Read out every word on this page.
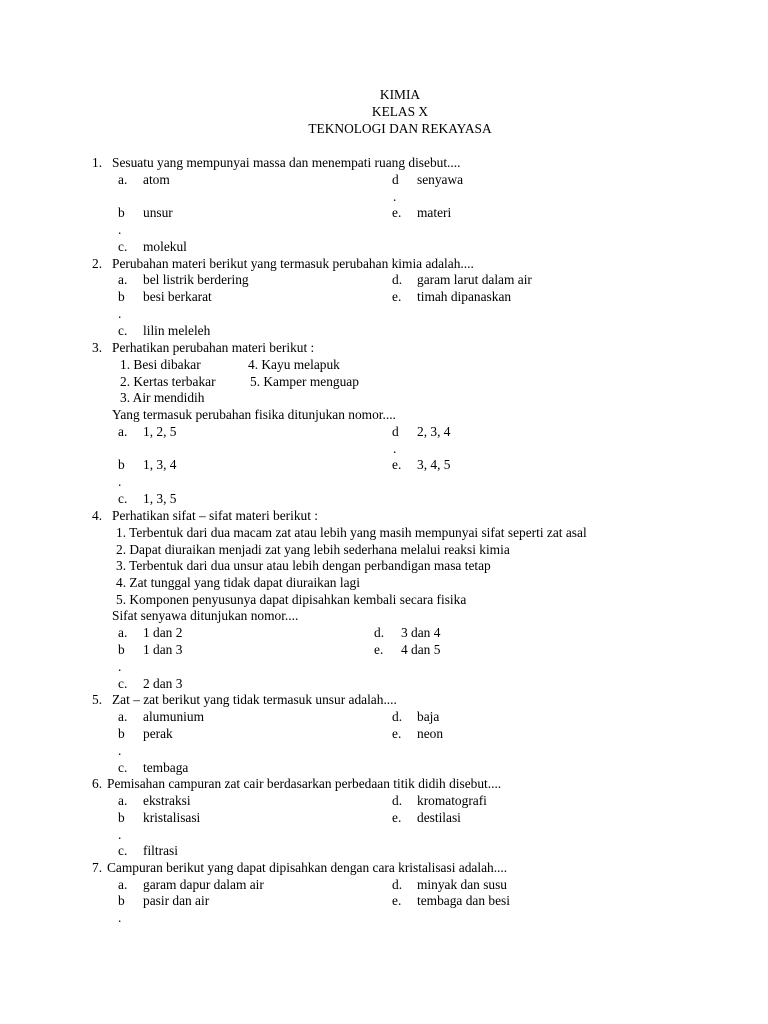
KIMIA
KELAS X
TEKNOLOGI DAN REKAYASA
1. Sesuatu yang mempunyai massa dan menempati ruang disebut....
a. atom	d senyawa
.
b unsur	e. materi
.
c. molekul
2. Perubahan materi berikut yang termasuk perubahan kimia adalah....
a. bel listrik berdering	d. garam larut dalam air
b besi berkarat	e. timah dipanaskan
.
c. lilin meleleh
3. Perhatikan perubahan materi berikut :
1. Besi dibakar	4. Kayu melapuk
2. Kertas terbakar	5. Kamper menguap
3. Air mendidih
Yang termasuk perubahan fisika ditunjukan nomor....
a. 1, 2, 5	d 2, 3, 4
.
b 1, 3, 4	e. 3, 4, 5
.
c. 1, 3, 5
4. Perhatikan sifat – sifat materi berikut :
1. Terbentuk dari dua macam zat atau lebih yang masih mempunyai sifat seperti zat asal
2. Dapat diuraikan menjadi zat yang lebih sederhana melalui reaksi kimia
3. Terbentuk dari dua unsur atau lebih dengan perbandigan masa tetap
4. Zat tunggal yang tidak dapat diuraikan lagi
5. Komponen penyusunya dapat dipisahkan kembali secara fisika
Sifat senyawa ditunjukan nomor....
a. 1 dan 2	d. 3 dan 4
b 1 dan 3	e. 4 dan 5
.
c. 2 dan 3
5. Zat – zat berikut yang tidak termasuk unsur adalah....
a. alumunium	d. baja
b perak	e. neon
.
c. tembaga
6. Pemisahan campuran zat cair berdasarkan perbedaan titik didih disebut....
a. ekstraksi	d. kromatografi
b kristalisasi	e. destilasi
.
c. filtrasi
7. Campuran berikut yang dapat dipisahkan dengan cara kristalisasi adalah....
a. garam dapur dalam air	d. minyak dan susu
b pasir dan air	e. tembaga dan besi
.
